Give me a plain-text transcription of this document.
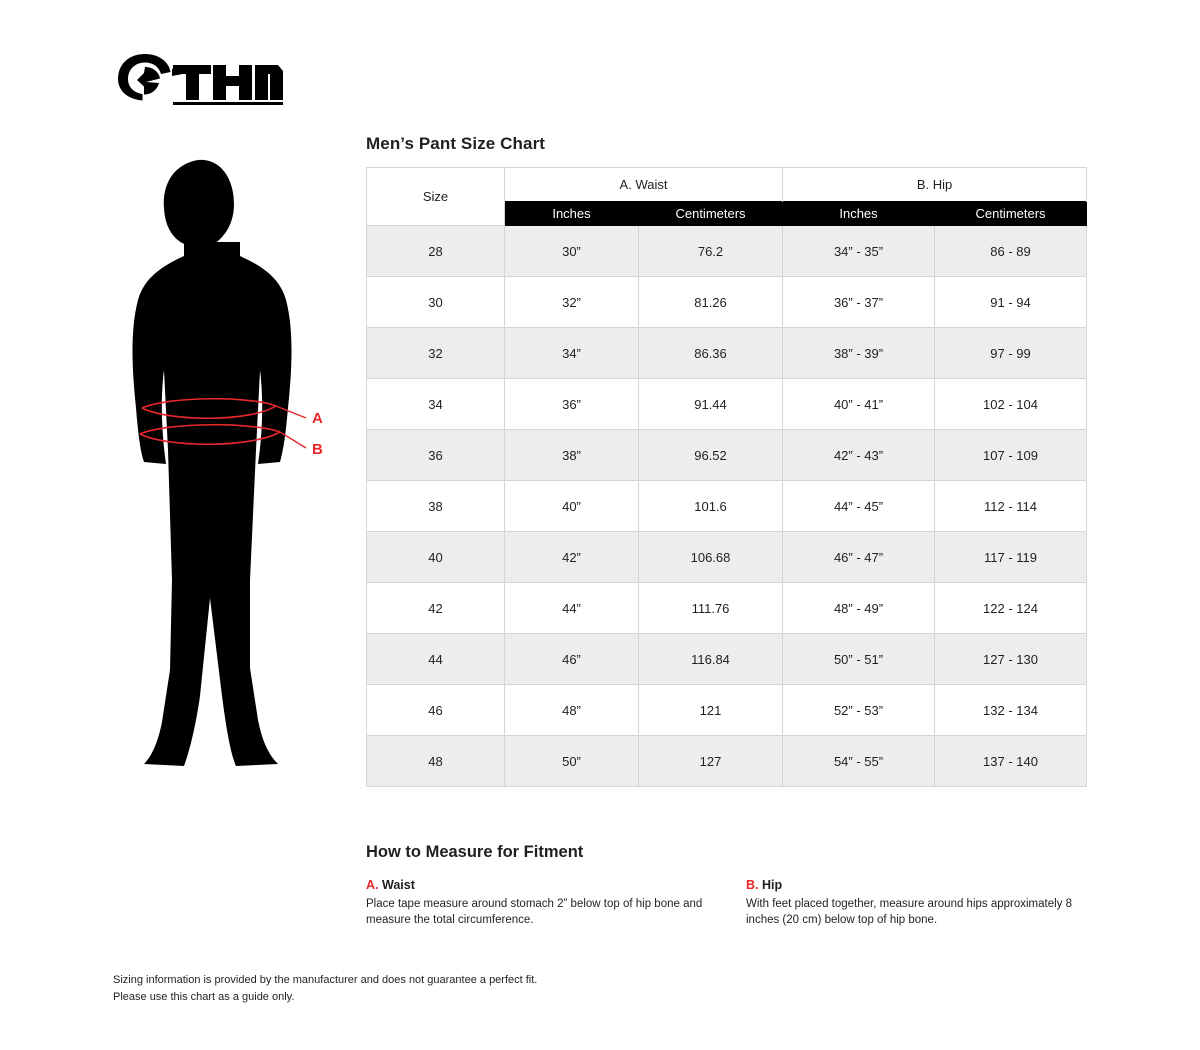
A
B
Men’s Pant Size Chart
Size	A. Waist		B. Hip	
	Inches	Centimeters	Inches	Centimeters
28	30”	76.2	34” - 35”	86 - 89
30	32”	81.26	36” - 37”	91 - 94
32	34”	86.36	38” - 39”	97 - 99
34	36”	91.44	40” - 41”	102 - 104
36	38”	96.52	42” - 43”	107 - 109
38	40”	101.6	44” - 45”	112 - 114
40	42”	106.68	46” - 47”	117 - 119
42	44”	111.76	48” - 49”	122 - 124
44	46”	116.84	50” - 51”	127 - 130
46	48”	121	52” - 53”	132 - 134
48	50”	127	54” - 55”	137 - 140
How to Measure for Fitment
A. Waist
Place tape measure around stomach 2” below top of hip bone and measure the total circumference.
B. Hip
With feet placed together, measure around hips approximately 8 inches (20 cm) below top of hip bone.
Sizing information is provided by the manufacturer and does not guarantee a perfect fit.
Please use this chart as a guide only.
